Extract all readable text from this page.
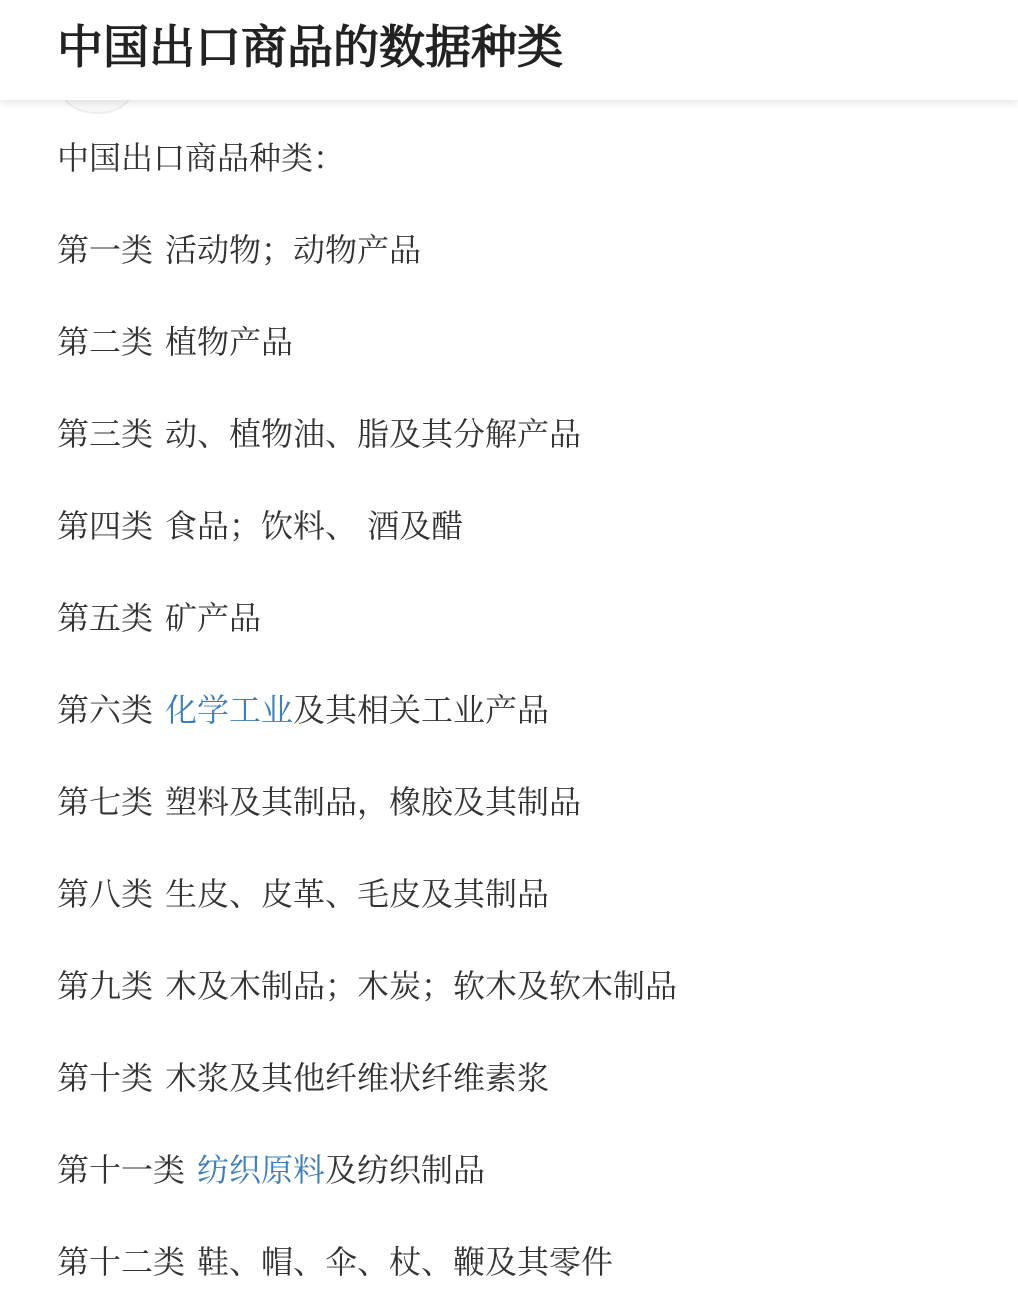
中国出口商品的数据种类
中国出口商品种类：
第一类 活动物；动物产品
第二类 植物产品
第三类 动、植物油、脂及其分解产品
第四类 食品；饮料、 酒及醋
第五类 矿产品
第六类 化学工业及其相关工业产品
第七类 塑料及其制品，橡胶及其制品
第八类 生皮、皮革、毛皮及其制品
第九类 木及木制品；木炭；软木及软木制品
第十类 木浆及其他纤维状纤维素浆
第十一类 纺织原料及纺织制品
第十二类 鞋、帽、伞、杖、鞭及其零件
